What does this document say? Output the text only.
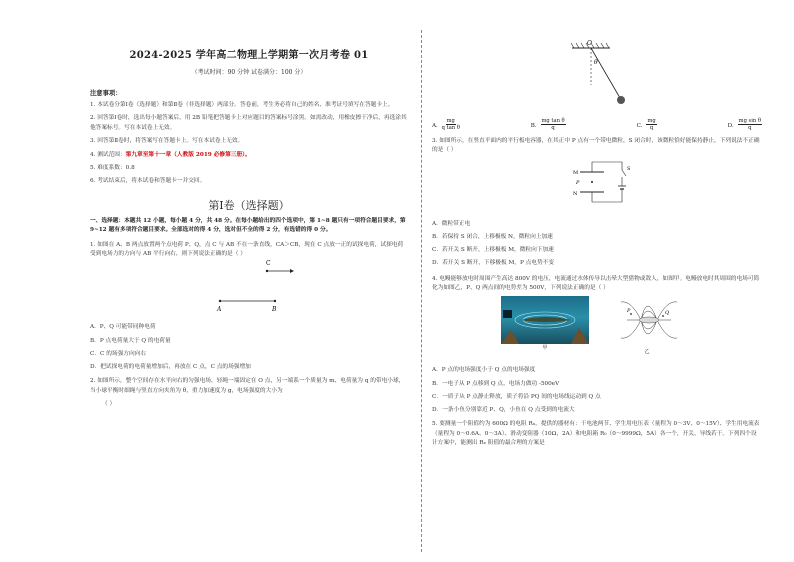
2024-2025 学年高二物理上学期第一次月考卷 01
（考试时间：90 分钟 试卷满分：100 分）
注意事项：
1. 本试卷分第Ⅰ卷（选择题）和第Ⅱ卷（非选择题）两部分。答卷前，考生务必将自己的姓名、准考证号填写在答题卡上。
2. 回答第Ⅰ卷时，选出每小题答案后，用 2B 铅笔把答题卡上对应题目的答案标号涂黑。如需改动，用橡皮擦干净后，再选涂其他答案标号。写在本试卷上无效。
3. 回答第Ⅱ卷时，将答案写在答题卡上。写在本试卷上无效。
4. 测试范围：第九章至第十一章（人教版 2019 必修第三册）。
5. 难度系数：0.8
6. 考试结束后，将本试卷和答题卡一并交回。
第Ⅰ卷（选择题）
一、选择题：本题共 12 小题，每小题 4 分，共 48 分。在每小题给出的四个选项中，第 1~8 题只有一项符合题目要求，第 9~12 题有多项符合题目要求。全部选对的得 4 分，选对但不全的得 2 分，有选错的得 0 分。
1. 如图在 A、B 两点放置两个点电荷 P、Q，点 C 与 AB 不在一条直线，CA＞CB，现在 C 点放一正的试探电荷，试探电荷受到电场力的方向与 AB 平行向右，则下列说法正确的是（ ）
C
A	B
A．P、Q 可能带同种电荷
B．P 点电荷量大于 Q 的电荷量
C．C 的场强方向向右
D．把试探电荷的电荷量增加后，再放在 C 点，C 点的场强增加
2. 如图所示，整个空间存在水平向右的匀强电场，轻绳一端固定在 O 点，另一端系一个质量为 m、电荷量为 q 的带电小球，当小球平衡时细绳与竖直方向夹角为 θ，重力加速度为 g，电场强度的大小为
（ ）
O
θ
A． $\frac{mg}{\text{q tan θ}}$	B． $\frac{\text{mg tan θ}}{q}$	C． $\frac{mg}{q}$	D． $\frac{\text{mg sin θ}}{q}$
3. 如图所示，在竖直平面内的平行板电容器，在其正中 P 点有一个带电微粒，S 闭合时，该微粒恰好能保持静止，下列说法不正确的是（ ）
M
P
N
S
A．微粒带正电
B．若保持 S 闭合，上移极板 N，微粒向上加速
C．若开关 S 断开，上移极板 M，微粒向下加速
D．若开关 S 断开，下移极板 M，P 点电势不变
4. 电鳗能够放电时周围产生高达 800V 的电压，电流通过水体传导以击晕大型猎物或敌人，如图甲。电鳗放电时其周围的电场可简化为如图乙，P、Q 两点间的电势差为 500V，下列说法正确的是（ ）
甲
P	Q
乙
A．P 点的电场强度小于 Q 点的电场强度
B．一电子从 P 点移到 Q 点，电场力做功 -500eV
C．一质子从 P 点静止释放，质子将沿 PQ 间的电场线运动到 Q 点
D．一条小鱼分别靠近 P、Q，小鱼在 Q 点受到的电流大
5. 要测量一个阻值约为 600Ω 的电阻 Rₓ，提供的器材有：干电池两节、学生用电压表（量程为 0～3V、0～15V）、学生用电流表（量程为 0～0.6A、0～3A）、滑动变阻器（10Ω，2A）和电阻箱 R₀（0～9999Ω，5A）各一个，开关、导线若干。下列四个设计方案中，能测出 Rₓ 阻值的最合理的方案是
